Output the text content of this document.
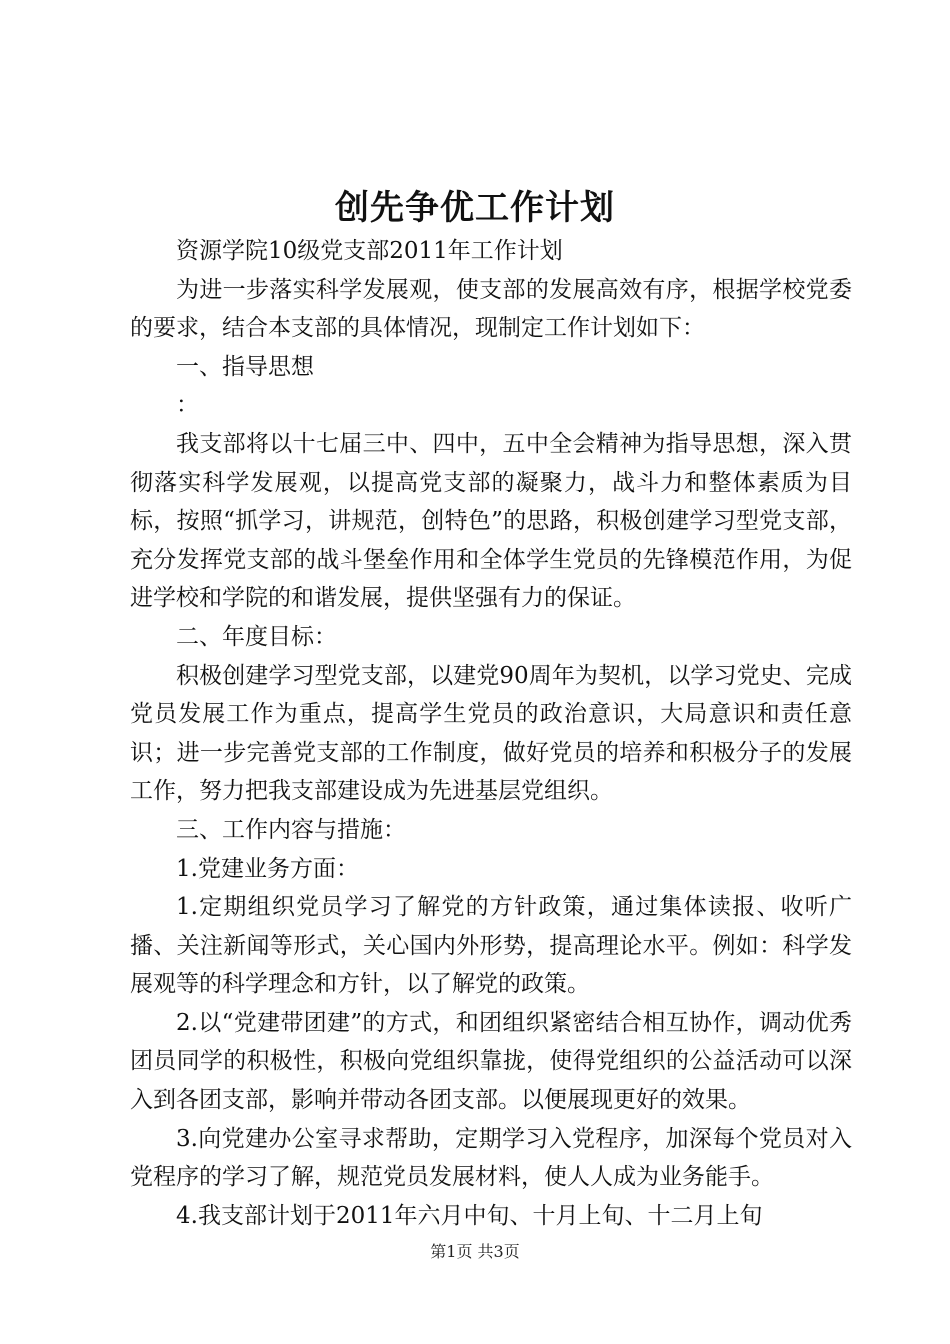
创先争优工作计划

资源学院10级党支部2011年工作计划

为进一步落实科学发展观，使支部的发展高效有序，根据学校党委的要求，结合本支部的具体情况，现制定工作计划如下：

一、指导思想

：

我支部将以十七届三中、四中，五中全会精神为指导思想，深入贯彻落实科学发展观，以提高党支部的凝聚力，战斗力和整体素质为目标，按照“抓学习，讲规范，创特色”的思路，积极创建学习型党支部，充分发挥党支部的战斗堡垒作用和全体学生党员的先锋模范作用，为促进学校和学院的和谐发展，提供坚强有力的保证。

二、年度目标：

积极创建学习型党支部，以建党90周年为契机，以学习党史、完成党员发展工作为重点，提高学生党员的政治意识，大局意识和责任意识；进一步完善党支部的工作制度，做好党员的培养和积极分子的发展工作，努力把我支部建设成为先进基层党组织。

三、工作内容与措施：

1.党建业务方面：

1.定期组织党员学习了解党的方针政策，通过集体读报、收听广播、关注新闻等形式，关心国内外形势，提高理论水平。例如：科学发展观等的科学理念和方针，以了解党的政策。

2.以“党建带团建”的方式，和团组织紧密结合相互协作，调动优秀团员同学的积极性，积极向党组织靠拢，使得党组织的公益活动可以深入到各团支部，影响并带动各团支部。以便展现更好的效果。

3.向党建办公室寻求帮助，定期学习入党程序，加深每个党员对入党程序的学习了解，规范党员发展材料，使人人成为业务能手。

4.我支部计划于2011年六月中旬、十月上旬、十二月上旬

第1页 共3页
